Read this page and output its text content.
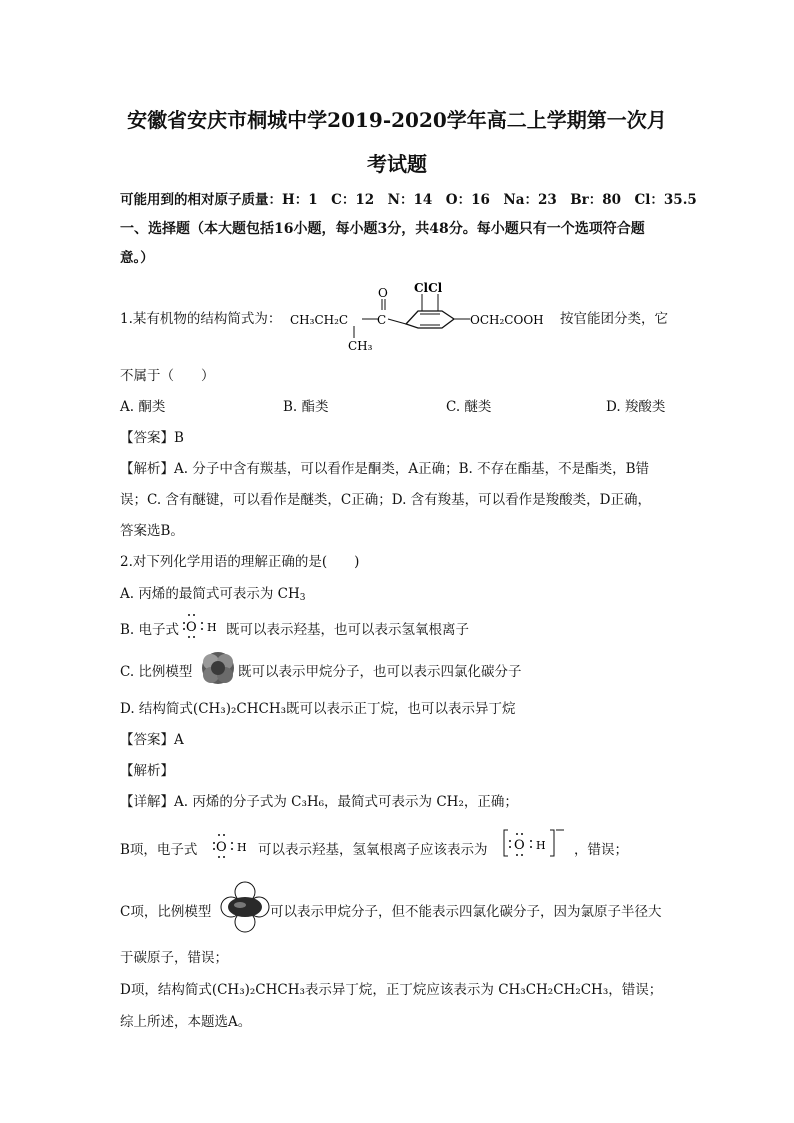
安徽省安庆市桐城中学2019-2020学年高二上学期第一次月
考试题
可能用到的相对原子质量：H：1　C：12　N：14　O：16　Na：23　Br：80　Cl：35.5
一、选择题（本大题包括16小题，每小题3分，共48分。每小题只有一个选项符合题
意。）
1.某有机物的结构简式为： CH₃CH₂C C
O
CH₃
ClCl
OCH₂COOH 按官能团分类，它
不属于（　　）
A. 酮类	B. 酯类	C. 醚类	D. 羧酸类
【答案】B
【解析】A. 分子中含有羰基，可以看作是酮类，A正确；B. 不存在酯基，不是酯类，B错
误；C. 含有醚键，可以看作是醚类，C正确；D. 含有羧基，可以看作是羧酸类，D正确，
答案选B。
2.对下列化学用语的理解正确的是(　　)
A. 丙烯的最简式可表示为 $CH_3$
B. 电子式 O H 既可以表示羟基，也可以表示氢氧根离子
C. 比例模型	既可以表示甲烷分子，也可以表示四氯化碳分子
D. 结构简式(CH₃)₂CHCH₃既可以表示正丁烷，也可以表示异丁烷
【答案】A
【解析】
【详解】A. 丙烯的分子式为 C₃H₆，最简式可表示为 CH₂，正确；
B项，电子式 O H 可以表示羟基，氢氧根离子应该表示为 O H ，错误；
C项，比例模型	可以表示甲烷分子，但不能表示四氯化碳分子，因为氯原子半径大
于碳原子，错误；
D项，结构简式(CH₃)₂CHCH₃表示异丁烷，正丁烷应该表示为 CH₃CH₂CH₂CH₃，错误；
综上所述，本题选A。
